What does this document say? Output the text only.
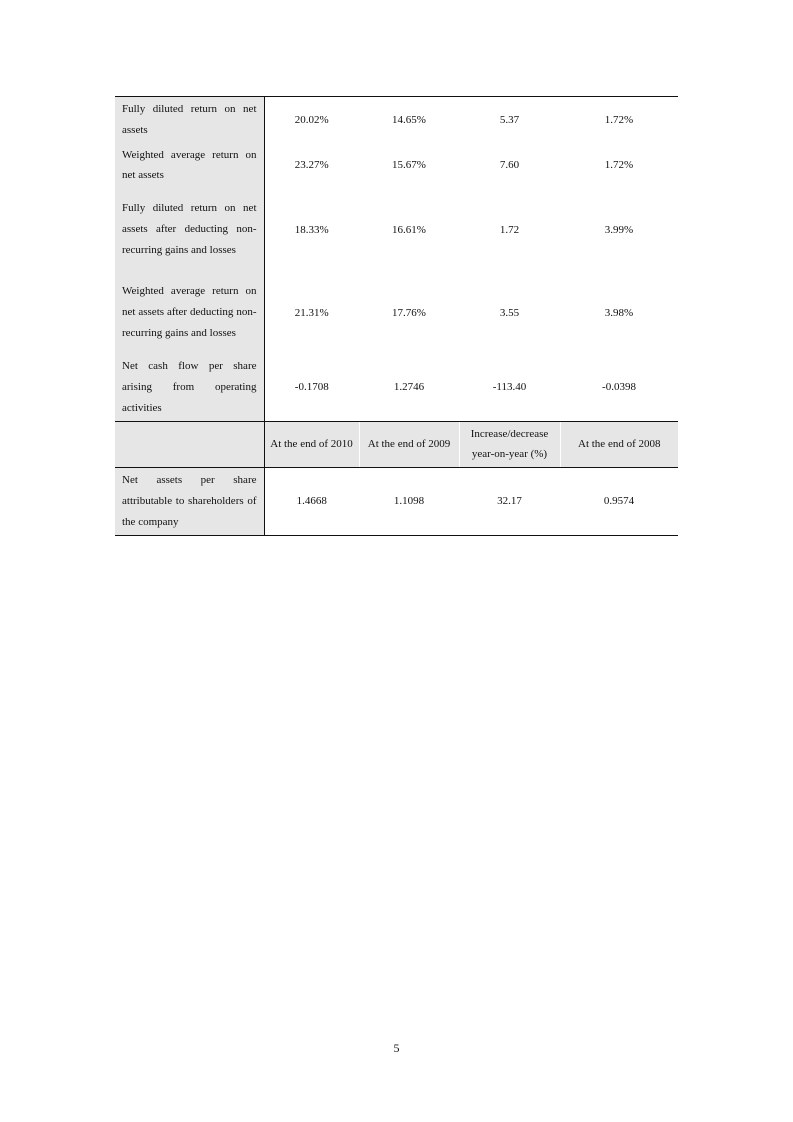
Fully diluted return on net assets	20.02%	14.65%	5.37	1.72%
Weighted average return on net assets	23.27%	15.67%	7.60	1.72%
Fully diluted return on net assets after deducting non-recurring gains and losses	18.33%	16.61%	1.72	3.99%
Weighted average return on net assets after deducting non-recurring gains and losses	21.31%	17.76%	3.55	3.98%
Net cash flow per share arising from operating activities	-0.1708	1.2746	-113.40	-0.0398
	At the end of 2010	At the end of 2009	Increase/decrease year-on-year (%)	At the end of 2008
Net assets per share attributable to shareholders of the company	1.4668	1.1098	32.17	0.9574
5
